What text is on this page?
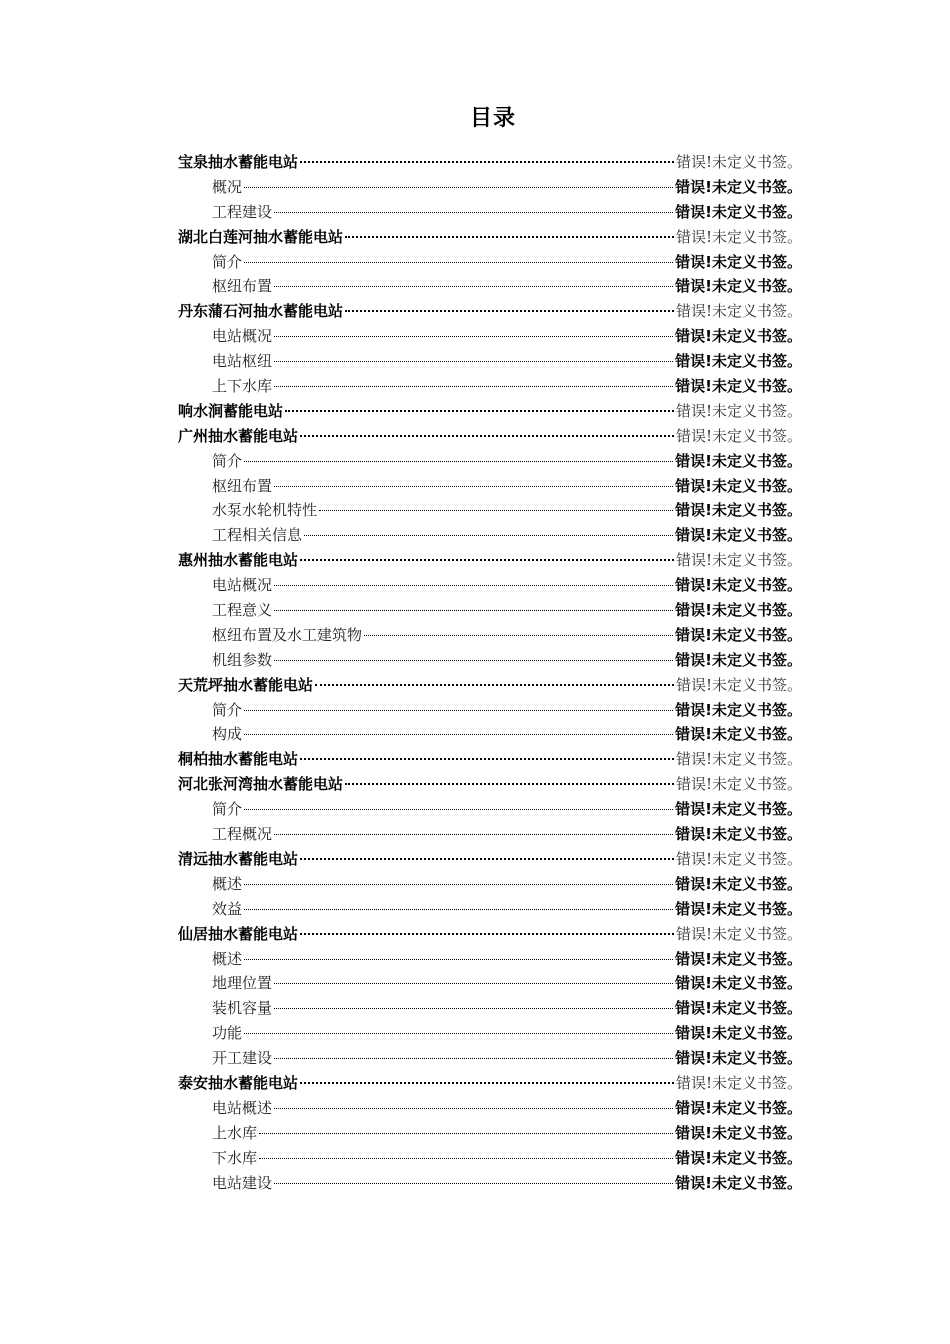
目录
宝泉抽水蓄能电站	错误!未定义书签。
概况	错误!未定义书签。
工程建设	错误!未定义书签。
湖北白莲河抽水蓄能电站	错误!未定义书签。
简介	错误!未定义书签。
枢纽布置	错误!未定义书签。
丹东蒲石河抽水蓄能电站	错误!未定义书签。
电站概况	错误!未定义书签。
电站枢纽	错误!未定义书签。
上下水库	错误!未定义书签。
响水涧蓄能电站	错误!未定义书签。
广州抽水蓄能电站	错误!未定义书签。
简介	错误!未定义书签。
枢纽布置	错误!未定义书签。
水泵水轮机特性	错误!未定义书签。
工程相关信息	错误!未定义书签。
惠州抽水蓄能电站	错误!未定义书签。
电站概况	错误!未定义书签。
工程意义	错误!未定义书签。
枢纽布置及水工建筑物	错误!未定义书签。
机组参数	错误!未定义书签。
天荒坪抽水蓄能电站	错误!未定义书签。
简介	错误!未定义书签。
构成	错误!未定义书签。
桐柏抽水蓄能电站	错误!未定义书签。
河北张河湾抽水蓄能电站	错误!未定义书签。
简介	错误!未定义书签。
工程概况	错误!未定义书签。
清远抽水蓄能电站	错误!未定义书签。
概述	错误!未定义书签。
效益	错误!未定义书签。
仙居抽水蓄能电站	错误!未定义书签。
概述	错误!未定义书签。
地理位置	错误!未定义书签。
装机容量	错误!未定义书签。
功能	错误!未定义书签。
开工建设	错误!未定义书签。
泰安抽水蓄能电站	错误!未定义书签。
电站概述	错误!未定义书签。
上水库	错误!未定义书签。
下水库	错误!未定义书签。
电站建设	错误!未定义书签。
